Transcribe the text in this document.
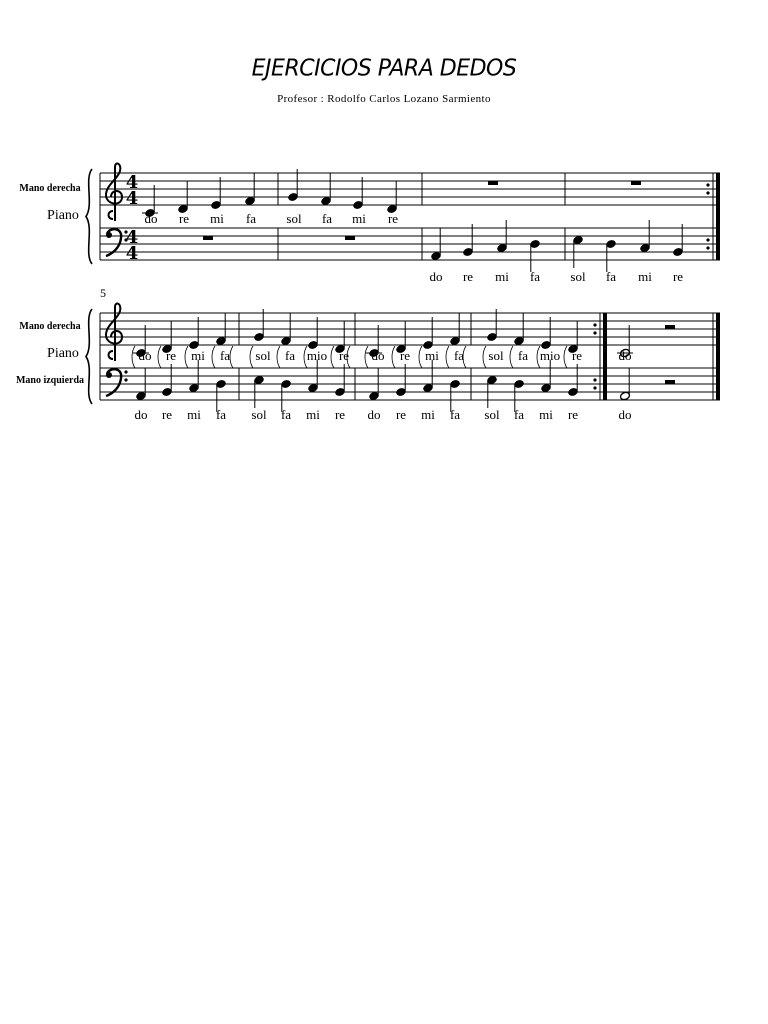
EJERCICIOS PARA DEDOS
Profesor : Rodolfo Carlos Lozano Sarmiento
Mano derecha
Piano
4
4
4
4
do re mi fa sol fa mi re
do re mi fa sol fa mi re
5
Mano derecha
Piano
Mano izquierda
do re mi fa sol fa mio re do re mi fa sol fa mio re	do
do re mi fa sol fa mi re do re mi fa sol fa mi re	do
